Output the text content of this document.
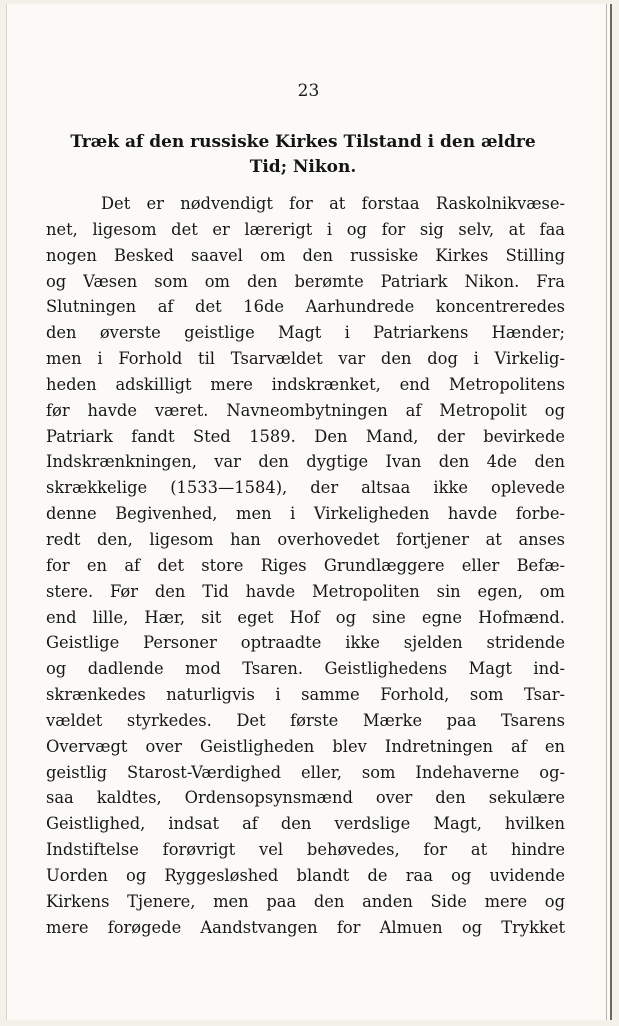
23
Træk af den russiske Kirkes Tilstand i den ældre
Tid; Nikon.
Det er nødvendigt for at forstaa Raskolnikvæse-
net, ligesom det er lærerigt i og for sig selv, at faa
nogen Besked saavel om den russiske Kirkes Stilling
og Væsen som om den berømte Patriark Nikon. Fra
Slutningen af det 16de Aarhundrede koncentreredes
den øverste geistlige Magt i Patriarkens Hænder;
men i Forhold til Tsarvældet var den dog i Virkelig-
heden adskilligt mere indskrænket, end Metropolitens
før havde været. Navneombytningen af Metropolit og
Patriark fandt Sted 1589. Den Mand, der bevirkede
Indskrænkningen, var den dygtige Ivan den 4de den
skrækkelige (1533—1584), der altsaa ikke oplevede
denne Begivenhed, men i Virkeligheden havde forbe-
redt den, ligesom han overhovedet fortjener at anses
for en af det store Riges Grundlæggere eller Befæ-
stere. Før den Tid havde Metropoliten sin egen, om
end lille, Hær, sit eget Hof og sine egne Hofmænd.
Geistlige Personer optraadte ikke sjelden stridende
og dadlende mod Tsaren. Geistlighedens Magt ind-
skrænkedes naturligvis i samme Forhold, som Tsar-
vældet styrkedes. Det første Mærke paa Tsarens
Overvægt over Geistligheden blev Indretningen af en
geistlig Starost-Værdighed eller, som Indehaverne og-
saa kaldtes, Ordensopsynsmænd over den sekulære
Geistlighed, indsat af den verdslige Magt, hvilken
Indstiftelse forøvrigt vel behøvedes, for at hindre
Uorden og Ryggesløshed blandt de raa og uvidende
Kirkens Tjenere, men paa den anden Side mere og
mere forøgede Aandstvangen for Almuen og Trykket
